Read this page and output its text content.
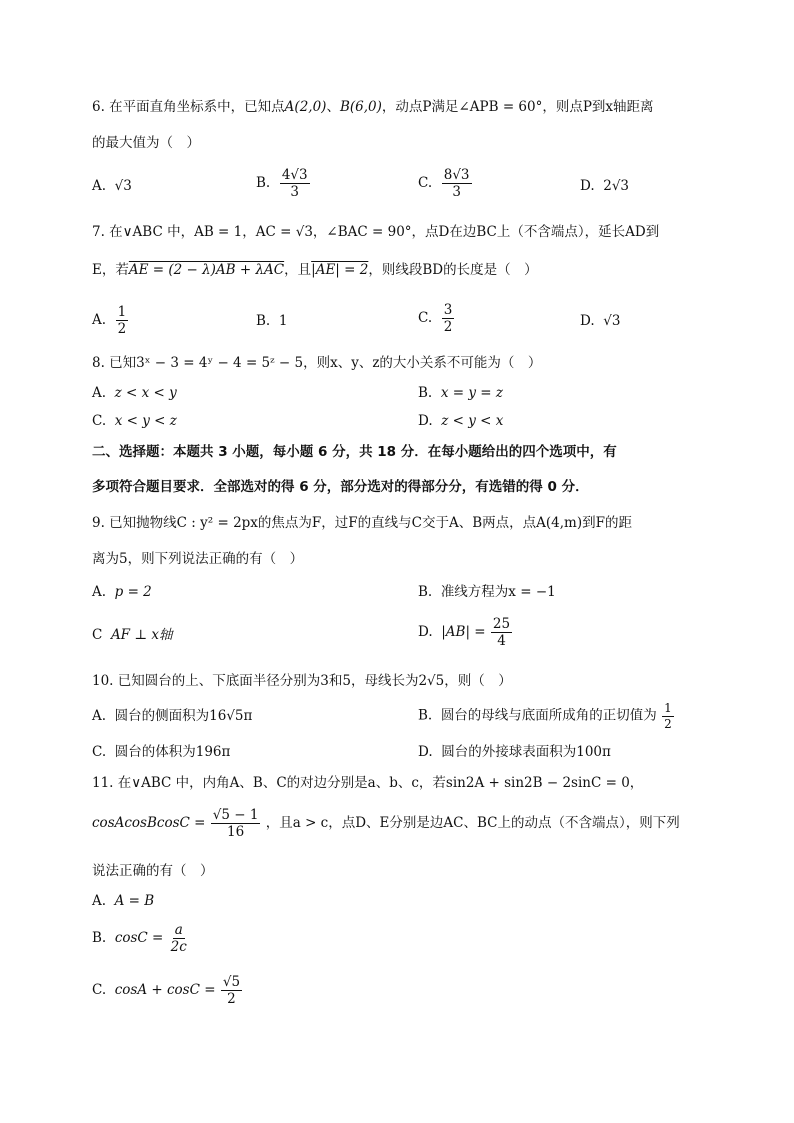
6. 在平面直角坐标系中，已知点A(2,0)、B(6,0)，动点P满足∠APB = 60°，则点P到x轴距离
的最大值为（　）
A. √3	B. $\frac{4√3}{3}$	C. $\frac{8√3}{3}$	D. 2√3
7. 在∨ABC 中，AB = 1，AC = √3，∠BAC = 90°，点D在边BC上（不含端点），延长AD到
E，若AE = (2 − λ)AB + λAC，且|AE| = 2，则线段BD的长度是（　）
A. $\frac{1}{2}$	B. 1	C. $\frac{3}{2}$	D. √3
8. 已知3ˣ − 3 = 4ʸ − 4 = 5ᶻ − 5，则x、y、z的大小关系不可能为（　）
A. z < x < y	B. x = y = z
C. x < y < z	D. z < y < x
二、选择题：本题共 3 小题，每小题 6 分，共 18 分．在每小题给出的四个选项中，有
多项符合题目要求．全部选对的得 6 分，部分选对的得部分分，有选错的得 0 分．
9. 已知抛物线C : y² = 2px的焦点为F，过F的直线与C交于A、B两点，点A(4,m)到F的距
离为5，则下列说法正确的有（　）
A. p = 2	B. 准线方程为x = −1
C AF ⊥ x轴	D. $|AB| = \frac{25}{4}$
10. 已知圆台的上、下底面半径分别为3和5，母线长为2√5，则（　）
A. 圆台的侧面积为16√5π	B. 圆台的母线与底面所成角的正切值为 $\frac{1}{2}$
C. 圆台的体积为196π	D. 圆台的外接球表面积为100π
11. 在∨ABC 中，内角A、B、C的对边分别是a、b、c，若sin2A + sin2B − 2sinC = 0，
cosAcosBcosC = $\frac{√5 - 1}{16}$ ，且a > c，点D、E分别是边AC、BC上的动点（不含端点），则下列
说法正确的有（　）
A. A = B
B. $\cos C = \frac{a}{2c}$
C. $\cos A + \cos C = \frac{√5}{2}$
